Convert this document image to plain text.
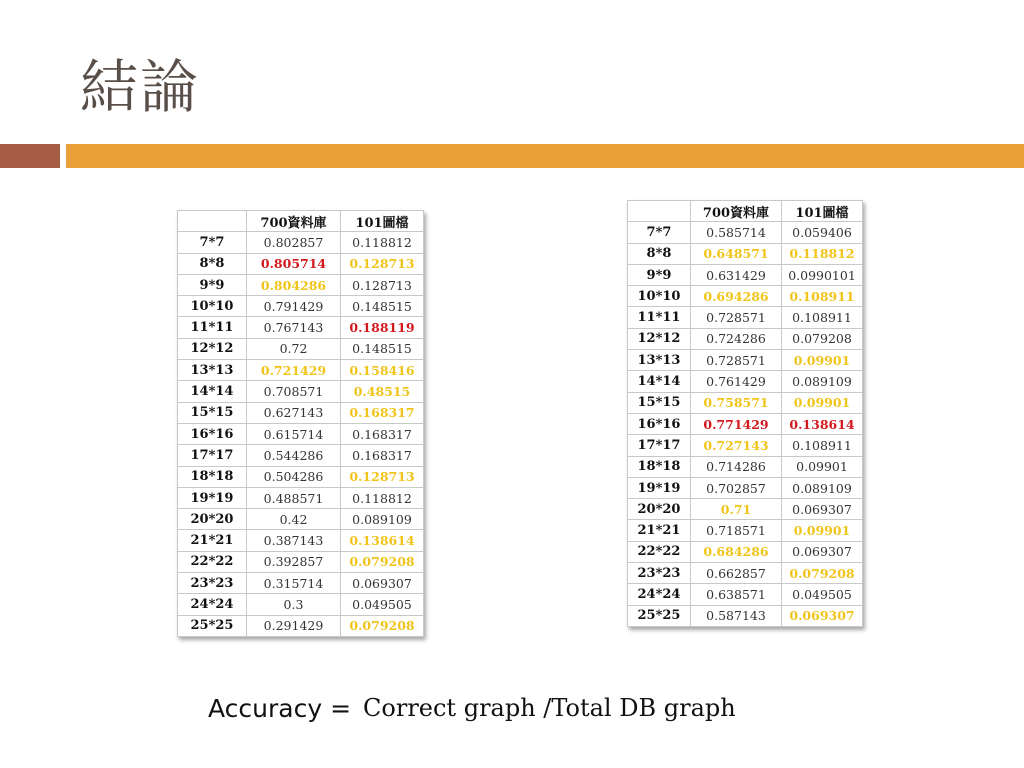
結論
	700資料庫	101圖檔
7*7	0.802857	0.118812
8*8	0.805714	0.128713
9*9	0.804286	0.128713
10*10	0.791429	0.148515
11*11	0.767143	0.188119
12*12	0.72	0.148515
13*13	0.721429	0.158416
14*14	0.708571	0.48515
15*15	0.627143	0.168317
16*16	0.615714	0.168317
17*17	0.544286	0.168317
18*18	0.504286	0.128713
19*19	0.488571	0.118812
20*20	0.42	0.089109
21*21	0.387143	0.138614
22*22	0.392857	0.079208
23*23	0.315714	0.069307
24*24	0.3	0.049505
25*25	0.291429	0.079208
	700資料庫	101圖檔
7*7	0.585714	0.059406
8*8	0.648571	0.118812
9*9	0.631429	0.0990101
10*10	0.694286	0.108911
11*11	0.728571	0.108911
12*12	0.724286	0.079208
13*13	0.728571	0.09901
14*14	0.761429	0.089109
15*15	0.758571	0.09901
16*16	0.771429	0.138614
17*17	0.727143	0.108911
18*18	0.714286	0.09901
19*19	0.702857	0.089109
20*20	0.71	0.069307
21*21	0.718571	0.09901
22*22	0.684286	0.069307
23*23	0.662857	0.079208
24*24	0.638571	0.049505
25*25	0.587143	0.069307
Accuracy = Correct graph /Total DB graph
